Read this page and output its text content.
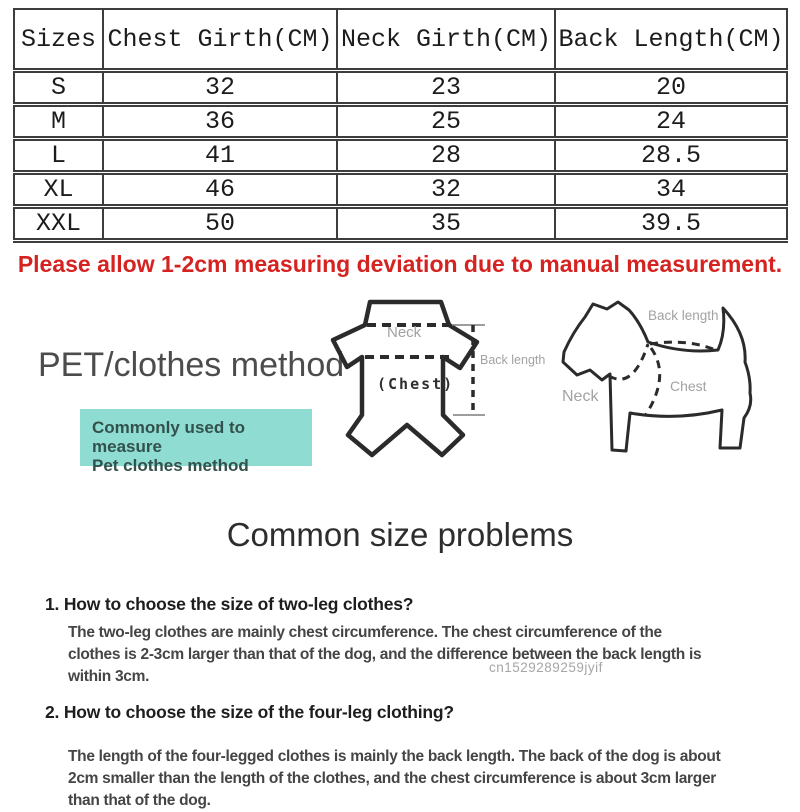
Sizes	Chest Girth(CM)	Neck Girth(CM)	Back Length(CM)
S	32	23	20
M	36	25	24
L	41	28	28.5
XL	46	32	34
XXL	50	35	39.5
Please allow 1-2cm measuring deviation due to manual measurement.
PET/clothes method
Commonly used to measure
Pet clothes method
Neck
(Chest)
Back length
Back length
Neck
Chest
Common size problems
1. How to choose the size of two-leg clothes?
The two-leg clothes are mainly chest circumference. The chest circumference of the
clothes is 2-3cm larger than that of the dog, and the difference between the back length is
within 3cm.
cn1529289259jyif
2. How to choose the size of the four-leg clothing?
The length of the four-legged clothes is mainly the back length. The back of the dog is about
2cm smaller than the length of the clothes, and the chest circumference is about 3cm larger
than that of the dog.
